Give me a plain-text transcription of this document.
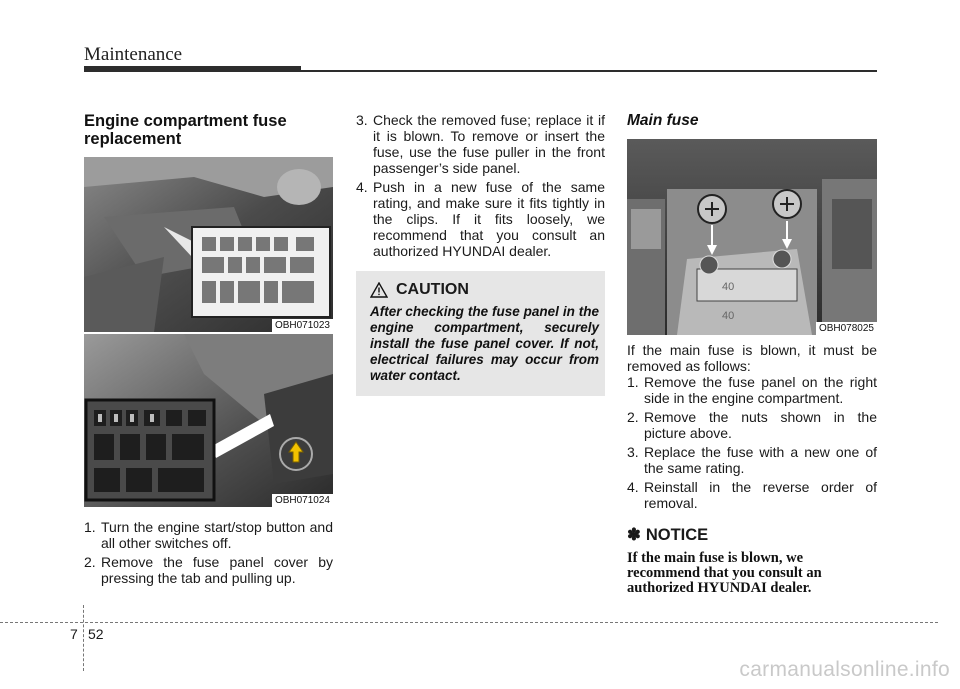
Maintenance
Engine compartment fuse replacement
OBH071023
OBH071024
1. Turn the engine start/stop button and all other switches off.
2. Remove the fuse panel cover by pressing the tab and pulling up.
3. Check the removed fuse; replace it if it is blown. To remove or insert the fuse, use the fuse puller in the front passenger’s side panel.
4. Push in a new fuse of the same rating, and make sure it fits tightly in the clips. If it fits loosely, we recommend that you consult an authorized HYUNDAI dealer.
CAUTION
After checking the fuse panel in the engine compartment, securely install the fuse panel cover. If not, electrical failures may occur from water contact.
Main fuse
40
40
OBH078025

If the main fuse is blown, it must be removed as follows:

1. Remove the fuse panel on the right side in the engine compartment.
2. Remove the nuts shown in the picture above.
3. Replace the fuse with a new one of the same rating.
4. Reinstall in the reverse order of removal.
✽ NOTICE
If the main fuse is blown, we recommend that you consult an authorized HYUNDAI dealer.
7 52
carmanualsonline.info
